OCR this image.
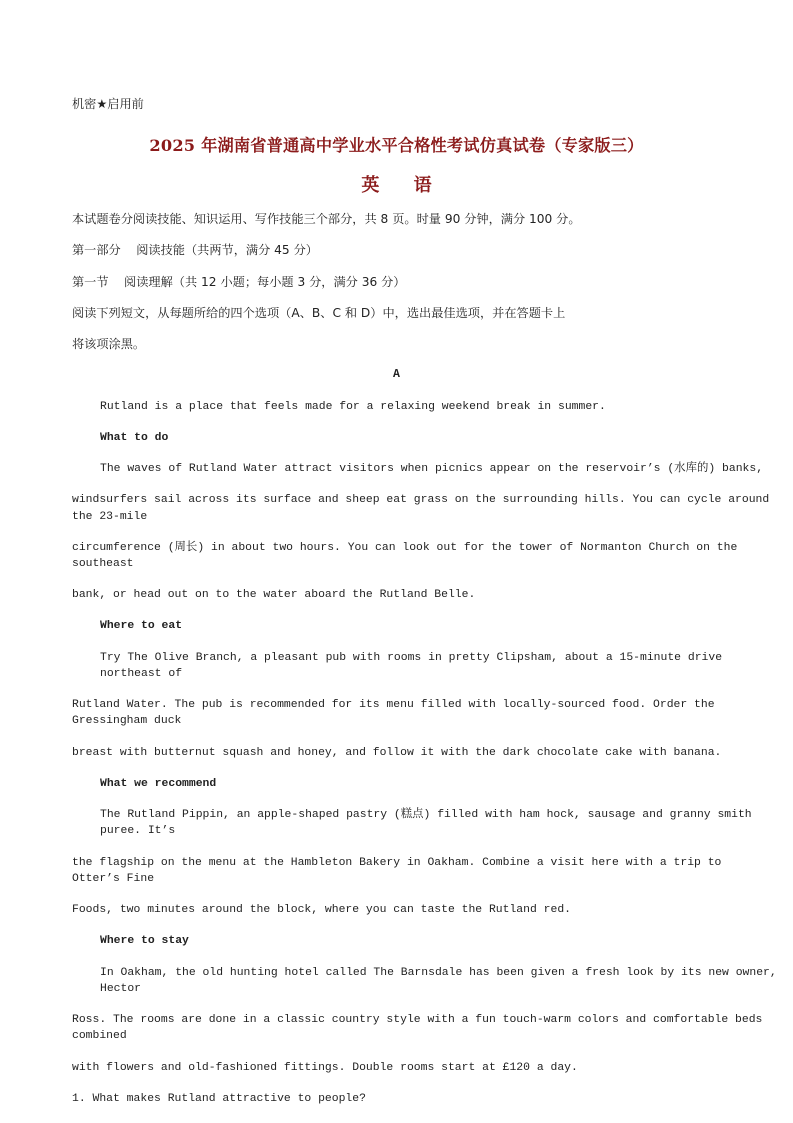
机密★启用前
2025 年湖南省普通高中学业水平合格性考试仿真试卷（专家版三）
英 语
本试题卷分阅读技能、知识运用、写作技能三个部分，共 8 页。时量 90 分钟，满分 100 分。
第一部分    阅读技能（共两节，满分 45 分）
第一节    阅读理解（共 12 小题；每小题 3 分，满分 36 分）
阅读下列短文，从每题所给的四个选项（A、B、C 和 D）中，选出最佳选项，并在答题卡上
将该项涂黑。
A
Rutland is a place that feels made for a relaxing weekend break in summer.
What to do
The waves of Rutland Water attract visitors when picnics appear on the reservoir’s (水库的) banks,
windsurfers sail across its surface and sheep eat grass on the surrounding hills. You can cycle around
the 23-mile
circumference (周长) in about two hours. You can look out for the tower of Normanton Church on the
southeast
bank, or head out on to the water aboard the Rutland Belle.
Where to eat
Try The Olive Branch, a pleasant pub with rooms in pretty Clipsham, about a 15-minute drive
northeast of
Rutland Water. The pub is recommended for its menu filled with locally-sourced food. Order the
Gressingham duck
breast with butternut squash and honey, and follow it with the dark chocolate cake with banana.
What we recommend
The Rutland Pippin, an apple-shaped pastry (糕点) filled with ham hock, sausage and granny smith
puree. It’s
the flagship on the menu at the Hambleton Bakery in Oakham. Combine a visit here with a trip to
Otter’s Fine
Foods, two minutes around the block, where you can taste the Rutland red.
Where to stay
In Oakham, the old hunting hotel called The Barnsdale has been given a fresh look by its new owner,
Hector
Ross. The rooms are done in a classic country style with a fun touch-warm colors and comfortable beds
combined
with flowers and old-fashioned fittings. Double rooms start at £120 a day.
1. What makes Rutland attractive to people?
